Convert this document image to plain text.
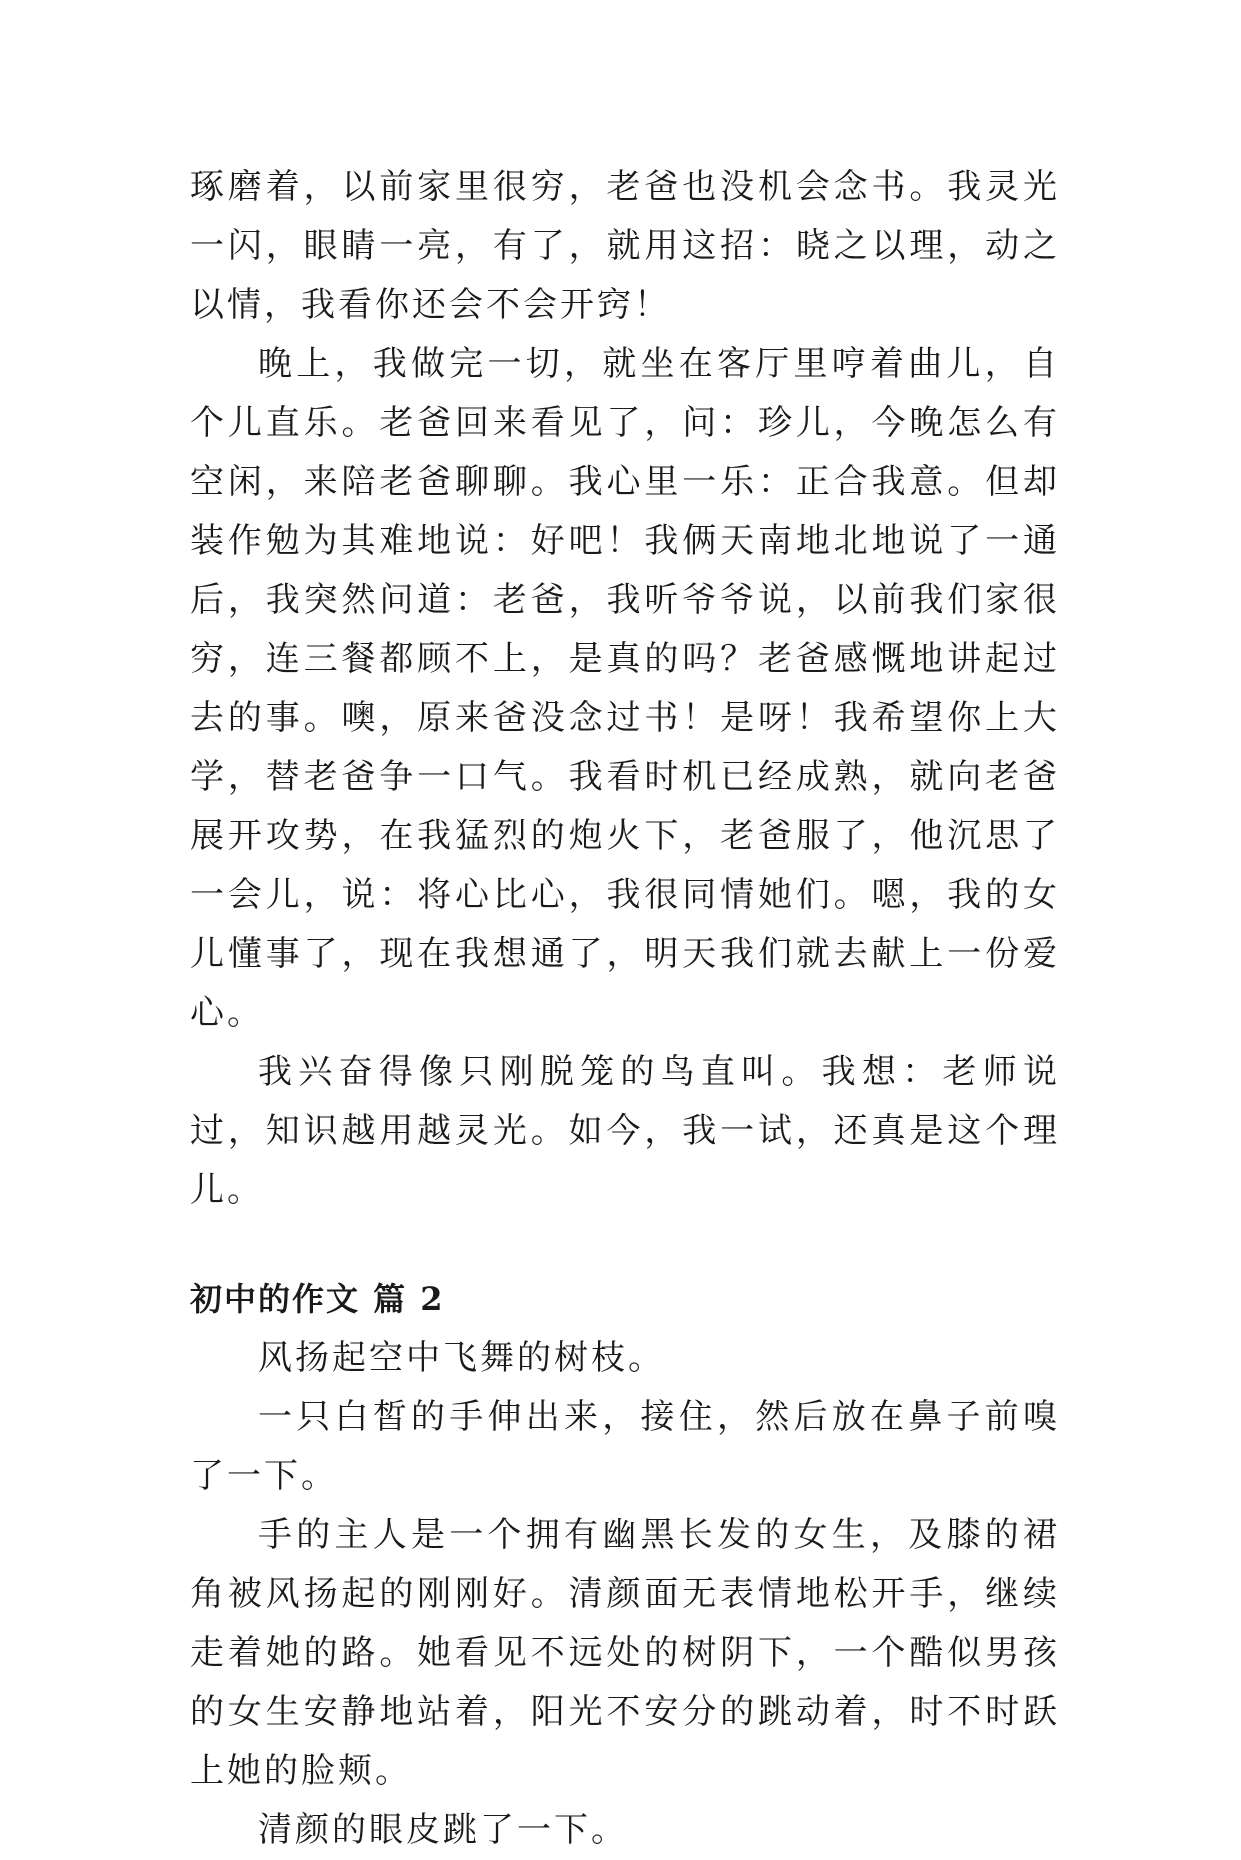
琢磨着，以前家里很穷，老爸也没机会念书。我灵光一闪，眼睛一亮，有了，就用这招：晓之以理，动之以情，我看你还会不会开窍！

晚上，我做完一切，就坐在客厅里哼着曲儿，自个儿直乐。老爸回来看见了，问：珍儿，今晚怎么有空闲，来陪老爸聊聊。我心里一乐：正合我意。但却装作勉为其难地说：好吧！我俩天南地北地说了一通后，我突然问道：老爸，我听爷爷说，以前我们家很穷，连三餐都顾不上，是真的吗？老爸感慨地讲起过去的事。噢，原来爸没念过书！是呀！我希望你上大学，替老爸争一口气。我看时机已经成熟，就向老爸展开攻势，在我猛烈的炮火下，老爸服了，他沉思了一会儿，说：将心比心，我很同情她们。嗯，我的女儿懂事了，现在我想通了，明天我们就去献上一份爱心。

我兴奋得像只刚脱笼的鸟直叫。我想：老师说过，知识越用越灵光。如今，我一试，还真是这个理儿。

初中的作文 篇 2

风扬起空中飞舞的树枝。

一只白皙的手伸出来，接住，然后放在鼻子前嗅了一下。

手的主人是一个拥有幽黑长发的女生，及膝的裙角被风扬起的刚刚好。清颜面无表情地松开手，继续走着她的路。她看见不远处的树阴下，一个酷似男孩的女生安静地站着，阳光不安分的跳动着，时不时跃上她的脸颊。

清颜的眼皮跳了一下。
